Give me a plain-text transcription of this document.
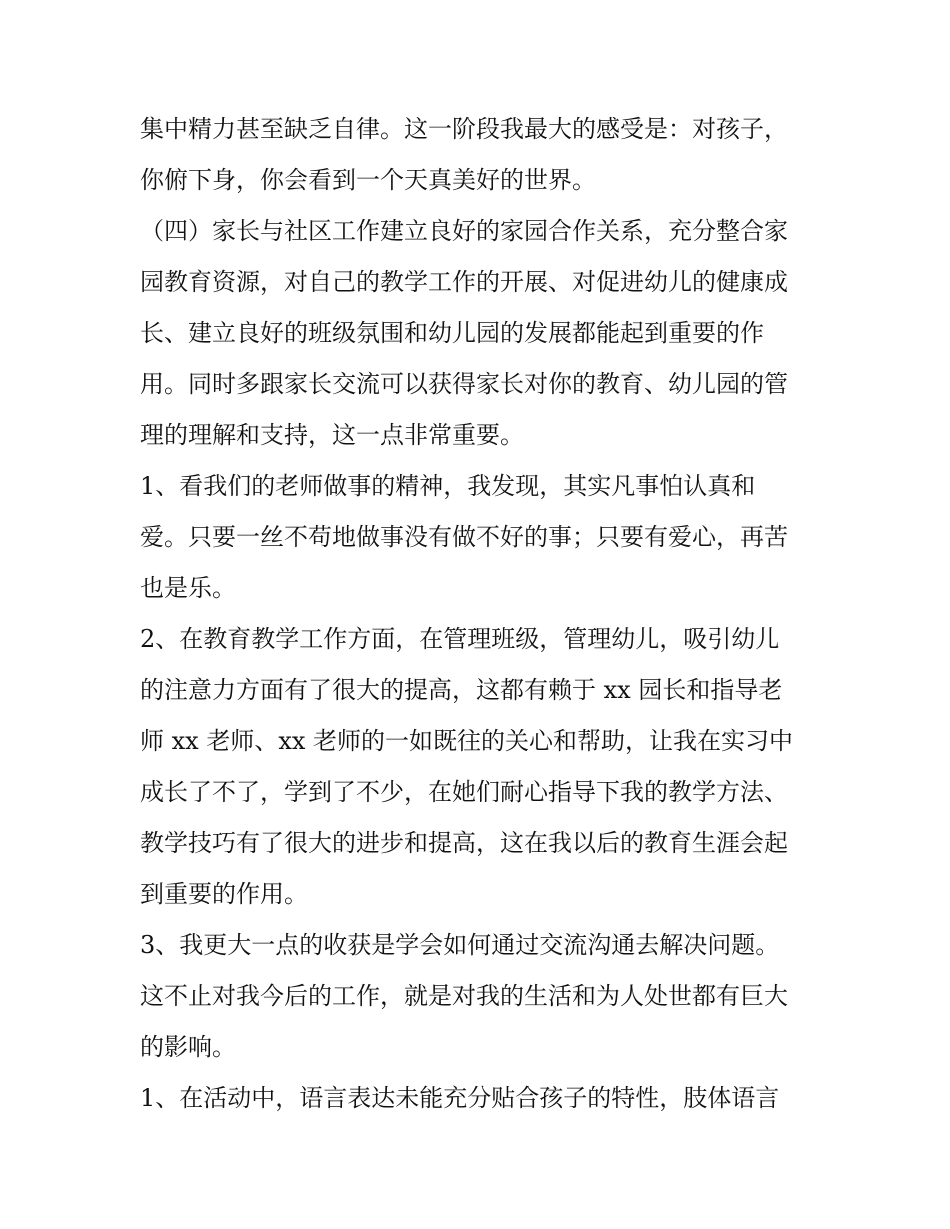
集中精力甚至缺乏自律。这一阶段我最大的感受是：对孩子，
你俯下身，你会看到一个天真美好的世界。
（四）家长与社区工作建立良好的家园合作关系，充分整合家
园教育资源，对自己的教学工作的开展、对促进幼儿的健康成
长、建立良好的班级氛围和幼儿园的发展都能起到重要的作
用。同时多跟家长交流可以获得家长对你的教育、幼儿园的管
理的理解和支持，这一点非常重要。
1、看我们的老师做事的精神，我发现，其实凡事怕认真和
爱。只要一丝不苟地做事没有做不好的事；只要有爱心，再苦
也是乐。
2、在教育教学工作方面，在管理班级，管理幼儿，吸引幼儿
的注意力方面有了很大的提高，这都有赖于 xx 园长和指导老
师 xx 老师、xx 老师的一如既往的关心和帮助，让我在实习中
成长了不了，学到了不少，在她们耐心指导下我的教学方法、
教学技巧有了很大的进步和提高，这在我以后的教育生涯会起
到重要的作用。
3、我更大一点的收获是学会如何通过交流沟通去解决问题。
这不止对我今后的工作，就是对我的生活和为人处世都有巨大
的影响。
1、在活动中，语言表达未能充分贴合孩子的特性，肢体语言
